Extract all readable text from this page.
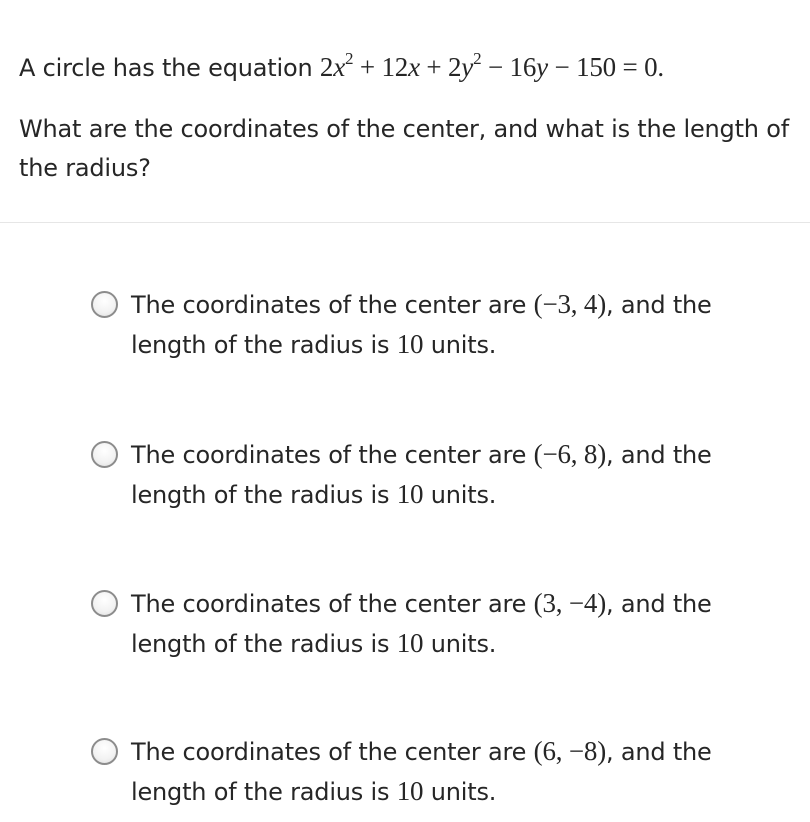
A circle has the equation $2x^2 + 12x + 2y^2 - 16y - 150 = 0$.
What are the coordinates of the center, and what is the length of the radius?
The coordinates of the center are (−3, 4), and the length of the radius is 10 units.
The coordinates of the center are (−6, 8), and the length of the radius is 10 units.
The coordinates of the center are (3, −4), and the length of the radius is 10 units.
The coordinates of the center are (6, −8), and the length of the radius is 10 units.
